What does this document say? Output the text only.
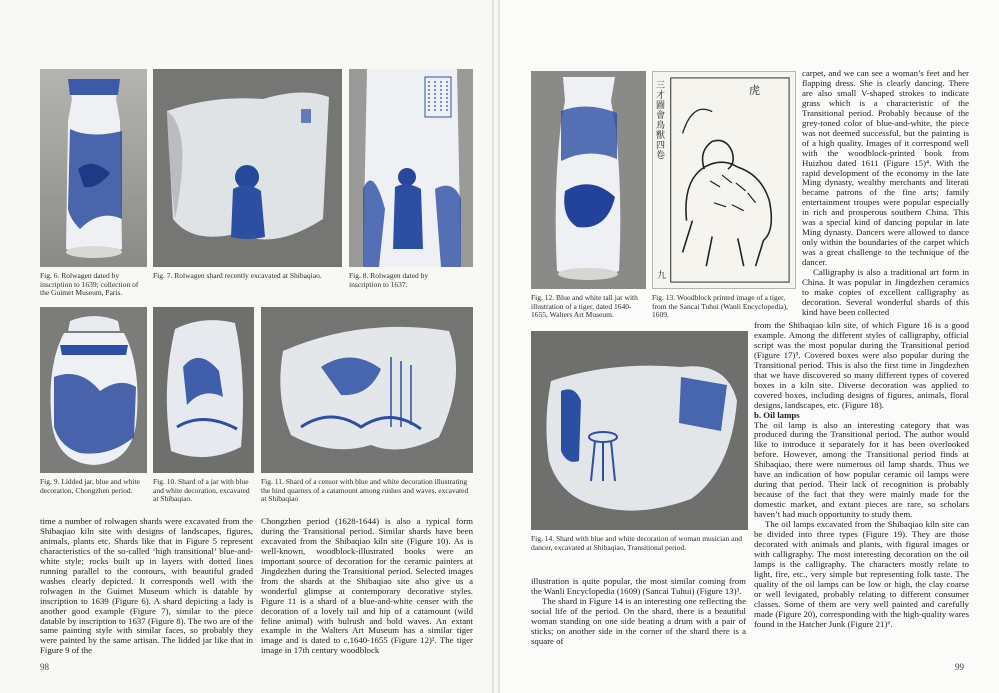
Fig. 6. Rolwagen dated by inscription to 1639; collection of the Guimet Museum, Paris.

Fig. 7. Rolwagen shard recently excavated at Shibaqiao.	Fig. 8. Rolwagen dated by inscription to 1637.

Fig. 9. Lidded jar, blue and white decoration, Chongzhen period.

Fig. 10. Shard of a jar with blue and white decoration, excavated at Shibaqiao.

Fig. 11. Shard of a censor with blue and white decoration illustrating the hind quarters of a catamount among rushes and waves, excavated at Shibaqiao

time a number of rolwagen shards were excavated from the Shibaqiao kiln site with designs of landscapes, figures, animals, plants etc. Shards like that in Figure 5 represent characteristics of the so-called ‘high transitional’ blue-and-white style; rocks built up in layers with dotted lines running parallel to the contours, with beautiful graded washes clearly depicted. It corresponds well with the rolwagen in the Guimet Museum which is datable by inscription to 1639 (Figure 6). A shard depicting a lady is another good example (Figure 7), similar to the piece datable by inscription to 1637 (Figure 8). The two are of the same painting style with similar faces, so probably they were painted by the same artisan. The lidded jar like that in Figure 9 of the

Chongzhen period (1628-1644) is also a typical form during the Transitional period. Similar shards have been excavated from the Shibaqiao kiln site (Figure 10). As is well-known, woodblock-illustrated books were an important source of decoration for the ceramic painters at Jingdezhen during the Transitional period. Selected images from the shards at the Shibaqiao site also give us a wonderful glimpse at contemporary decorative styles. Figure 11 is a shard of a blue-and-white censer with the decoration of a lovely tail and hip of a catamount (wild feline animal) with bulrush and bold waves. An extant example in the Walters Art Museum has a similar tiger image and is dated to c.1640-1655 (Figure 12)². The tiger image in 17th century woodblock

98

Fig. 12. Blue and white tall jar with illustration of a tiger, dated 1640-1655, Walters Art Museum.

三才圖會鳥獸四卷
虎
九

Fig. 13. Woodblock printed image of a tiger, from the Sancai Tuhui (Wanli Encyclopedia), 1609.

carpet, and we can see a woman’s feet and her flapping dress. She is clearly dancing. There are also small V-shaped strokes to indicate grass which is a characteristic of the Transitional period. Probably because of the grey-toned color of blue-and-white, the piece was not deemed successful, but the painting is of a high quality. Images of it correspond well with the woodblock-printed book from Huizhou dated 1611 (Figure 15)⁴. With the rapid development of the economy in the late Ming dynasty, wealthy merchants and literati became patrons of the fine arts; family entertainment troupes were popular especially in rich and prosperous southern China. This was a special kind of dancing popular in late Ming dynasty. Dancers were allowed to dance only within the boundaries of the carpet which was a great challenge to the technique of the dancer.

Calligraphy is also a traditional art form in China. It was popular in Jingdezhen ceramics to make copies of excellent calligraphy as decoration. Several wonderful shards of this kind have been collected

from the Shibaqiao kiln site, of which Figure 16 is a good example. Among the different styles of calligraphy, official script was the most popular during the Transitional period (Figure 17)⁵. Covered boxes were also popular during the Transitional period. This is also the first time in Jingdezhen that we have discovered so many different types of covered boxes in a kiln site. Diverse decoration was applied to covered boxes, including designs of figures, animals, floral designs, landscapes, etc. (Figure 18).

b. Oil lamps

The oil lamp is also an interesting category that was produced during the Transitional period. The author would like to introduce it separately for it has been overlooked before. However, among the Transitional period finds at Shibaqiao, there were numerous oil lamp shards. Thus we have an indication of how popular ceramic oil lamps were during that period. Their lack of recognition is probably because of the fact that they were mainly made for the domestic market, and extant pieces are rare, so scholars haven’t had much opportunity to study them.

The oil lamps excavated from the Shibaqiao kiln site can be divided into three types (Figure 19). They are those decorated with animals and plants, with figural images or with calligraphy. The most interesting decoration on the oil lamps is the calligraphy. The characters mostly relate to light, fire, etc., very simple but representing folk taste. The quality of the oil lamps can be low or high, the clay coarse or well levigated, probably relating to different consumer classes. Some of them are very well painted and carefully made (Figure 20), corresponding with the high-quality wares found in the Hatcher Junk (Figure 21)⁶.

Fig. 14. Shard with blue and white decoration of woman musician and dancer, excavated at Shibaqiao, Transitional period.

illustration is quite popular, the most similar coming from the Wanli Encyclopedia (1609) (Sancai Tuhui) (Figure 13)³.

The shard in Figure 14 is an interesting one reflecting the social life of the period. On the shard, there is a beautiful woman standing on one side beating a drum with a pair of sticks; on another side in the corner of the shard there is a square of

99
